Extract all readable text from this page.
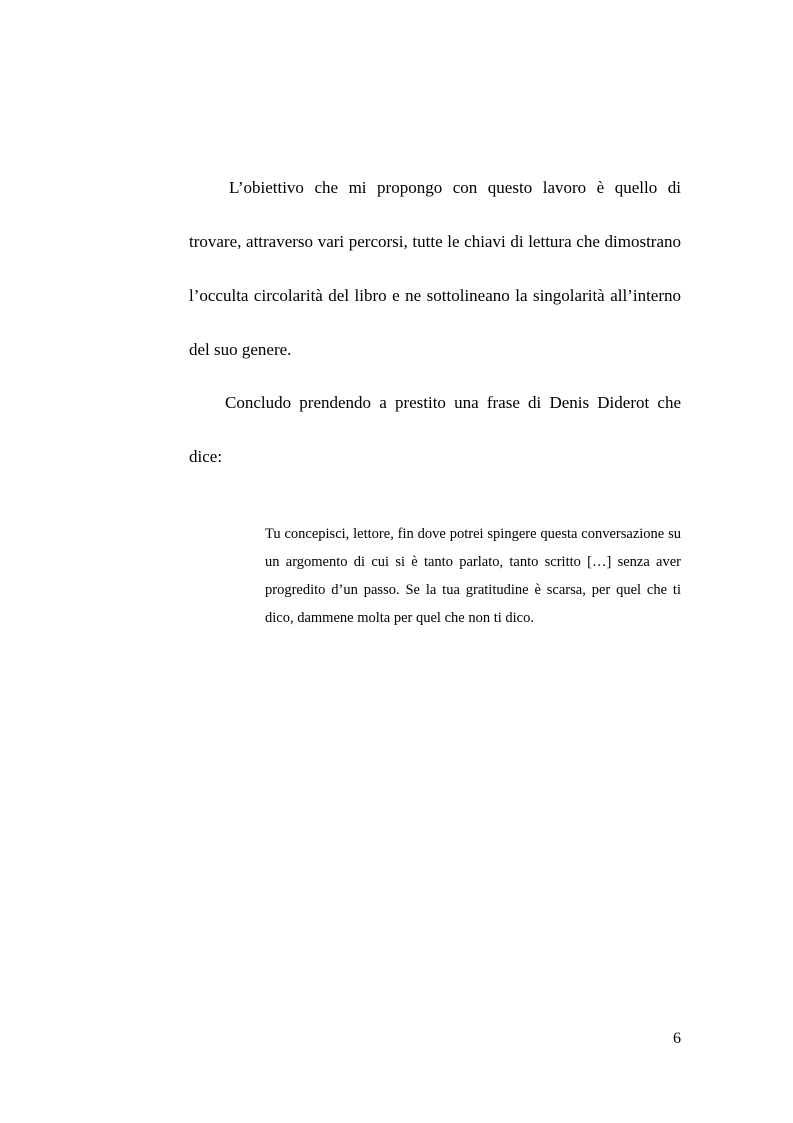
L’obiettivo che mi propongo con questo lavoro è quello di trovare, attraverso vari percorsi, tutte le chiavi di lettura che dimostrano l’occulta circolarità del libro e ne sottolineano la singolarità all’interno del suo genere.

Concludo prendendo a prestito una frase di Denis Diderot che dice:

Tu concepisci, lettore, fin dove potrei spingere questa conversazione su un argomento di cui si è tanto parlato, tanto scritto […] senza aver progredito d’un passo. Se la tua gratitudine è scarsa, per quel che ti dico, dammene molta per quel che non ti dico.
6
